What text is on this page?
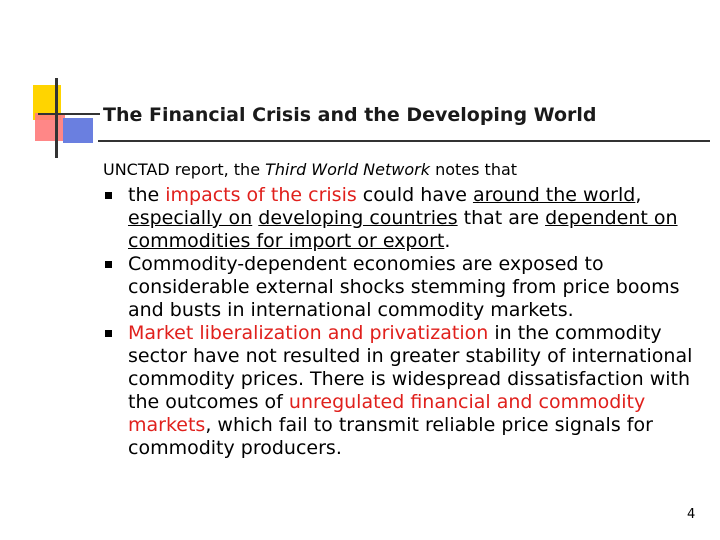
The Financial Crisis and the Developing World
UNCTAD report, the Third World Network notes that
the impacts of the crisis could have around the world, especially on developing countries that are dependent on commodities for import or export.
Commodity-dependent economies are exposed to considerable external shocks stemming from price booms and busts in international commodity markets.
Market liberalization and privatization in the commodity sector have not resulted in greater stability of international commodity prices. There is widespread dissatisfaction with the outcomes of unregulated financial and commodity markets, which fail to transmit reliable price signals for commodity producers.
4
